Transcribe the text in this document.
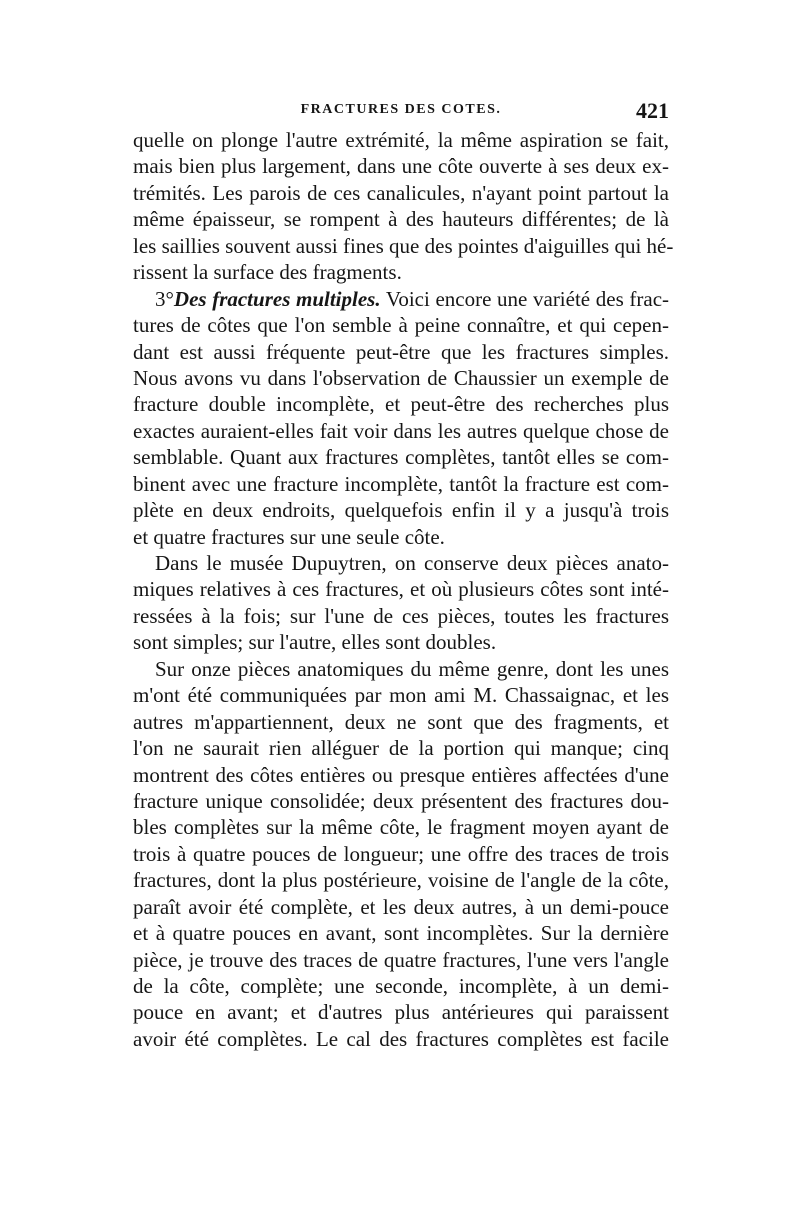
FRACTURES DES COTES.	421
quelle on plonge l'autre extrémité, la même aspiration se fait,
mais bien plus largement, dans une côte ouverte à ses deux ex-
trémités. Les parois de ces canalicules, n'ayant point partout la
même épaisseur, se rompent à des hauteurs différentes; de là
les saillies souvent aussi fines que des pointes d'aiguilles qui hé-
rissent la surface des fragments.
3°Des fractures multiples. Voici encore une variété des frac-
tures de côtes que l'on semble à peine connaître, et qui cepen-
dant est aussi fréquente peut-être que les fractures simples.
Nous avons vu dans l'observation de Chaussier un exemple de
fracture double incomplète, et peut-être des recherches plus
exactes auraient-elles fait voir dans les autres quelque chose de
semblable. Quant aux fractures complètes, tantôt elles se com-
binent avec une fracture incomplète, tantôt la fracture est com-
plète en deux endroits, quelquefois enfin il y a jusqu'à trois
et quatre fractures sur une seule côte.
Dans le musée Dupuytren, on conserve deux pièces anato-
miques relatives à ces fractures, et où plusieurs côtes sont inté-
ressées à la fois; sur l'une de ces pièces, toutes les fractures
sont simples; sur l'autre, elles sont doubles.
Sur onze pièces anatomiques du même genre, dont les unes
m'ont été communiquées par mon ami M. Chassaignac, et les
autres m'appartiennent, deux ne sont que des fragments, et
l'on ne saurait rien alléguer de la portion qui manque; cinq
montrent des côtes entières ou presque entières affectées d'une
fracture unique consolidée; deux présentent des fractures dou-
bles complètes sur la même côte, le fragment moyen ayant de
trois à quatre pouces de longueur; une offre des traces de trois
fractures, dont la plus postérieure, voisine de l'angle de la côte,
paraît avoir été complète, et les deux autres, à un demi-pouce
et à quatre pouces en avant, sont incomplètes. Sur la dernière
pièce, je trouve des traces de quatre fractures, l'une vers l'angle
de la côte, complète; une seconde, incomplète, à un demi-
pouce en avant; et d'autres plus antérieures qui paraissent
avoir été complètes. Le cal des fractures complètes est facile
